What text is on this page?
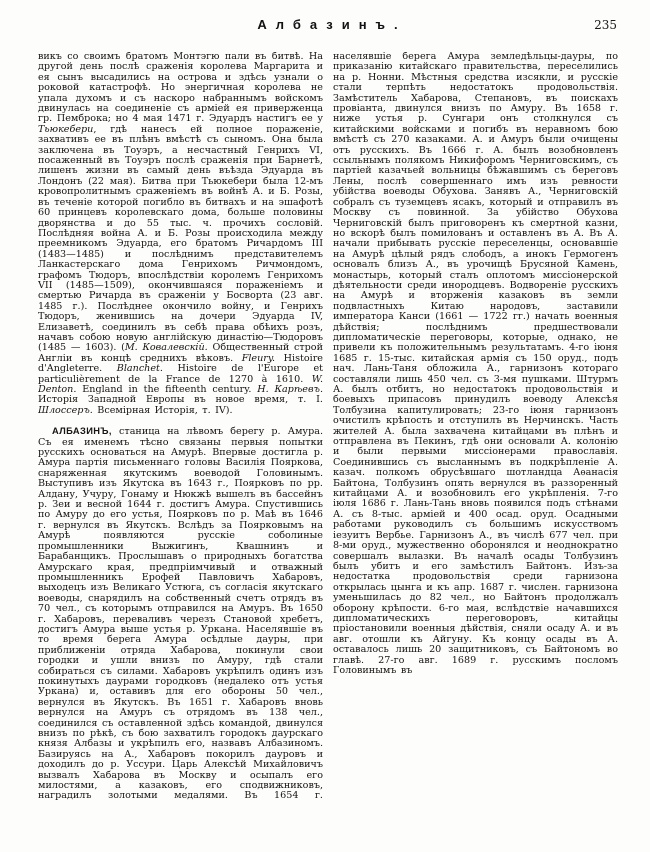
Албазинъ.	235

викъ со своимъ братомъ Монтэгю пали въ битвѣ. На другой день послѣ сраженія королева Маргарита и ея сынъ высадились на острова и здѣсь узнали о роковой катастрофѣ. Но энергичная королева не упала духомъ и съ наскоро набраннымъ войскомъ двинулась на соединеніе съ арміей ея приверженца гр. Пемброка; но 4 мая 1471 г. Эдуардъ настигъ ее у Тьюкебери, гдѣ нанесъ ей полное пораженіе, захвативъ ее въ плѣнъ вмѣстѣ съ сыномъ. Она была заключена въ Тоуэръ, а несчастный Генрихъ VI, посаженный въ Тоуэръ послѣ сраженія при Барнетѣ, лишенъ жизни въ самый день въѣзда Эдуарда въ Лондонъ (22 мая). Битва при Тьюкебери была 12-мъ кровопролитнымъ сраженіемъ въ войнѣ А. и Б. Розы, въ теченіе которой погибло въ битвахъ и на эшафотѣ 60 принцевъ королевскаго дома, больше половины дворянства и до 55 тыс. ч. прочихъ сословій. Послѣдняя война А. и Б. Розы происходила между преемникомъ Эдуарда, его братомъ Ричардомъ III (1483—1485) и послѣднимъ представителемъ Ланкастерскаго дома Генрихомъ Ричмондомъ, графомъ Тюдоръ, впослѣдствіи королемъ Генрихомъ VII (1485—1509), окончившаяся пораженіемъ и смертью Ричарда въ сраженіи у Босворта (23 авг. 1485 г.). Послѣднее окончило войну, и Генрихъ Тюдоръ, женившись на дочери Эдуарда IV, Елизаветѣ, соединилъ въ себѣ права обѣихъ розъ, начавъ собою новую англійскую династію—Тюдоровъ (1485 — 1603). (М. Ковалевскій. Общественный строй Англіи въ концѣ среднихъ вѣковъ. Fleury. Histoire d'Angleterre. Blanchet. Histoire de l'Europe et particulièrement de la France de 1270 à 1610. W. Denton. England in the fifteenth century. Н. Карѣевъ. Исторія Западной Европы въ новое время, т. I. Шлоссеръ. Всемірная Исторія, т. IV).

АЛБАЗИНЪ, станица на лѣвомъ берегу р. Амура. Съ ея именемъ тѣсно связаны первыя попытки русскихъ основаться на Амурѣ. Впервые достигла р. Амура партія письменнаго головы Василія Пояркова, снаряженная якутскимъ воеводой Головинымъ. Выступивъ изъ Якутска въ 1643 г., Поярковъ по рр. Алдану, Учуру, Гонаму и Нюкжѣ вышелъ въ бассейнъ р. Зеи и весной 1644 г. достигъ Амура. Спустившись по Амуру до его устья, Поярковъ по р. Маѣ въ 1646 г. вернулся въ Якутскъ. Вслѣдъ за Поярковымъ на Амурѣ появляются русскіе соболиные промышленники Выжигинъ, Квашнинъ и Барабанщикъ. Прослышавъ о природныхъ богатства Амурскаго края, предпріимчивый и отважный промышленникъ Ерофей Павловичъ Хабаровъ, выходецъ изъ Великаго Устюга, съ согласія якутскаго воеводы, снарядилъ на собственный счетъ отрядъ въ 70 чел., съ которымъ отправился на Амуръ. Въ 1650 г. Хабаровъ, переваливъ черезъ Становой хребетъ, достигъ Амура выше устья р. Уркана. Населявшіе въ то время берега Амура осѣдлые дауры, при приближеніи отряда Хабарова, покинули свои городки и ушли внизъ по Амуру, гдѣ стали собираться съ силами. Хабаровъ укрѣпилъ одинъ изъ покинутыхъ даурами городковъ (недалеко отъ устья Уркана) и, оставивъ для его обороны 50 чел., вернулся въ Якутскъ. Въ 1651 г. Хабаровъ вновь вернулся на Амуръ съ отрядомъ въ 138 чел., соединился съ оставленной здѣсь командой, двинулся внизъ по рѣкѣ, съ бою захватилъ городокъ даурскаго князя Албазы и укрѣпилъ его, назвавъ Албазиномъ. Базируясь на А., Хабаровъ покорилъ дауровъ и доходилъ до р. Уссури. Царь Алексѣй Михайловичъ вызвалъ Хабарова въ Москву и осыпалъ его милостями, а казаковъ, его сподвижниковъ, наградилъ золотыми медалями. Въ 1654 г. населявшіе берега Амура земледѣльцы-дауры, по приказанію китайскаго правительства, переселились на р. Нонни. Мѣстныя средства изсякли, и русскіе стали терпѣть недостатокъ продовольствія. Замѣститель Хабарова, Степановъ, въ поискахъ провіанта, двинулся внизъ по Амуру. Въ 1658 г. ниже устья р. Сунгари онъ столкнулся съ китайскими войсками и погибъ въ неравномъ бою вмѣстѣ съ 270 казаками. А. и Амуръ были очищены отъ русскихъ. Въ 1666 г. А. былъ возобновленъ ссыльнымъ полякомъ Никифоромъ Черниговскимъ, съ партіей казачьей вольницы бѣжавшимъ съ береговъ Лены, послѣ совершеннаго имъ изъ ревности убійства воеводы Обухова. Занявъ А., Черниговскій собралъ съ туземцевъ ясакъ, который и отправилъ въ Москву съ повинной. За убійство Обухова Черниговскій былъ приговоренъ къ смертной казни, но вскорѣ былъ помилованъ и оставленъ въ А. Въ А. начали прибывать русскіе переселенцы, основавшіе на Амурѣ цѣлый рядъ слободъ, а инокъ Гермогенъ основалъ близъ А., въ урочищѣ Брусяной Камень, монастырь, который сталъ оплотомъ миссіонерской дѣятельности среди инородцевъ. Водвореніе русскихъ на Амурѣ и вторженія казаковъ въ земли подвластныхъ Китаю народовъ, заставили императора Канси (1661 — 1722 гг.) начать военныя дѣйствія; послѣднимъ предшествовали дипломатическіе переговоры, которые, однако, не привели къ положительнымъ результатамъ. 4-го іюня 1685 г. 15-тыс. китайская армія съ 150 оруд., подъ нач. Лань-Таня обложила А., гарнизонъ котораго составляли лишь 450 чел. съ 3-мя пушками. Штурмъ А. былъ отбитъ, но недостатокъ продовольствія и боевыхъ припасовъ принудилъ воеводу Алексѣя Толбузина капитулировать; 23-го іюня гарнизонъ очистилъ крѣпость и отступилъ въ Нерчинскъ. Часть жителей А. была захвачена китайцами въ плѣнъ и отправлена въ Пекинъ, гдѣ они основали А. колонію и были первыми миссіонерами православія. Соединившись съ высланнымъ въ подкрѣпленіе А. казач. полкомъ обрусѣвшаго шотландца Аѳанасія Байтона, Толбузинъ опять вернулся въ раззоренный китайцами А. и возобновилъ его укрѣпленія. 7-го іюля 1686 г. Лань-Тань вновь появился подъ стѣнами А. съ 8-тыс. арміей и 400 осад. оруд. Осадными работами руководилъ съ большимъ искусствомъ іезуитъ Вербье. Гарнизонъ А., въ числѣ 677 чел. при 8-ми оруд., мужественно оборонялся и неоднократно совершалъ вылазки. Въ началѣ осады Толбузинъ былъ убитъ и его замѣстилъ Байтонъ. Изъ-за недостатка продовольствія среди гарнизона открылась цынга и къ апр. 1687 г. числен. гарнизона уменьшилась до 82 чел., но Байтонъ продолжалъ оборону крѣпости. 6-го мая, вслѣдствіе начавшихся дипломатическихъ переговоровъ, китайцы пріостановили военныя дѣйствія, сняли осаду А. и въ авг. отошли къ Айгуну. Къ концу осады въ А. оставалось лишь 20 защитниковъ, съ Байтономъ во главѣ. 27-го авг. 1689 г. русскимъ посломъ Головинымъ въ
